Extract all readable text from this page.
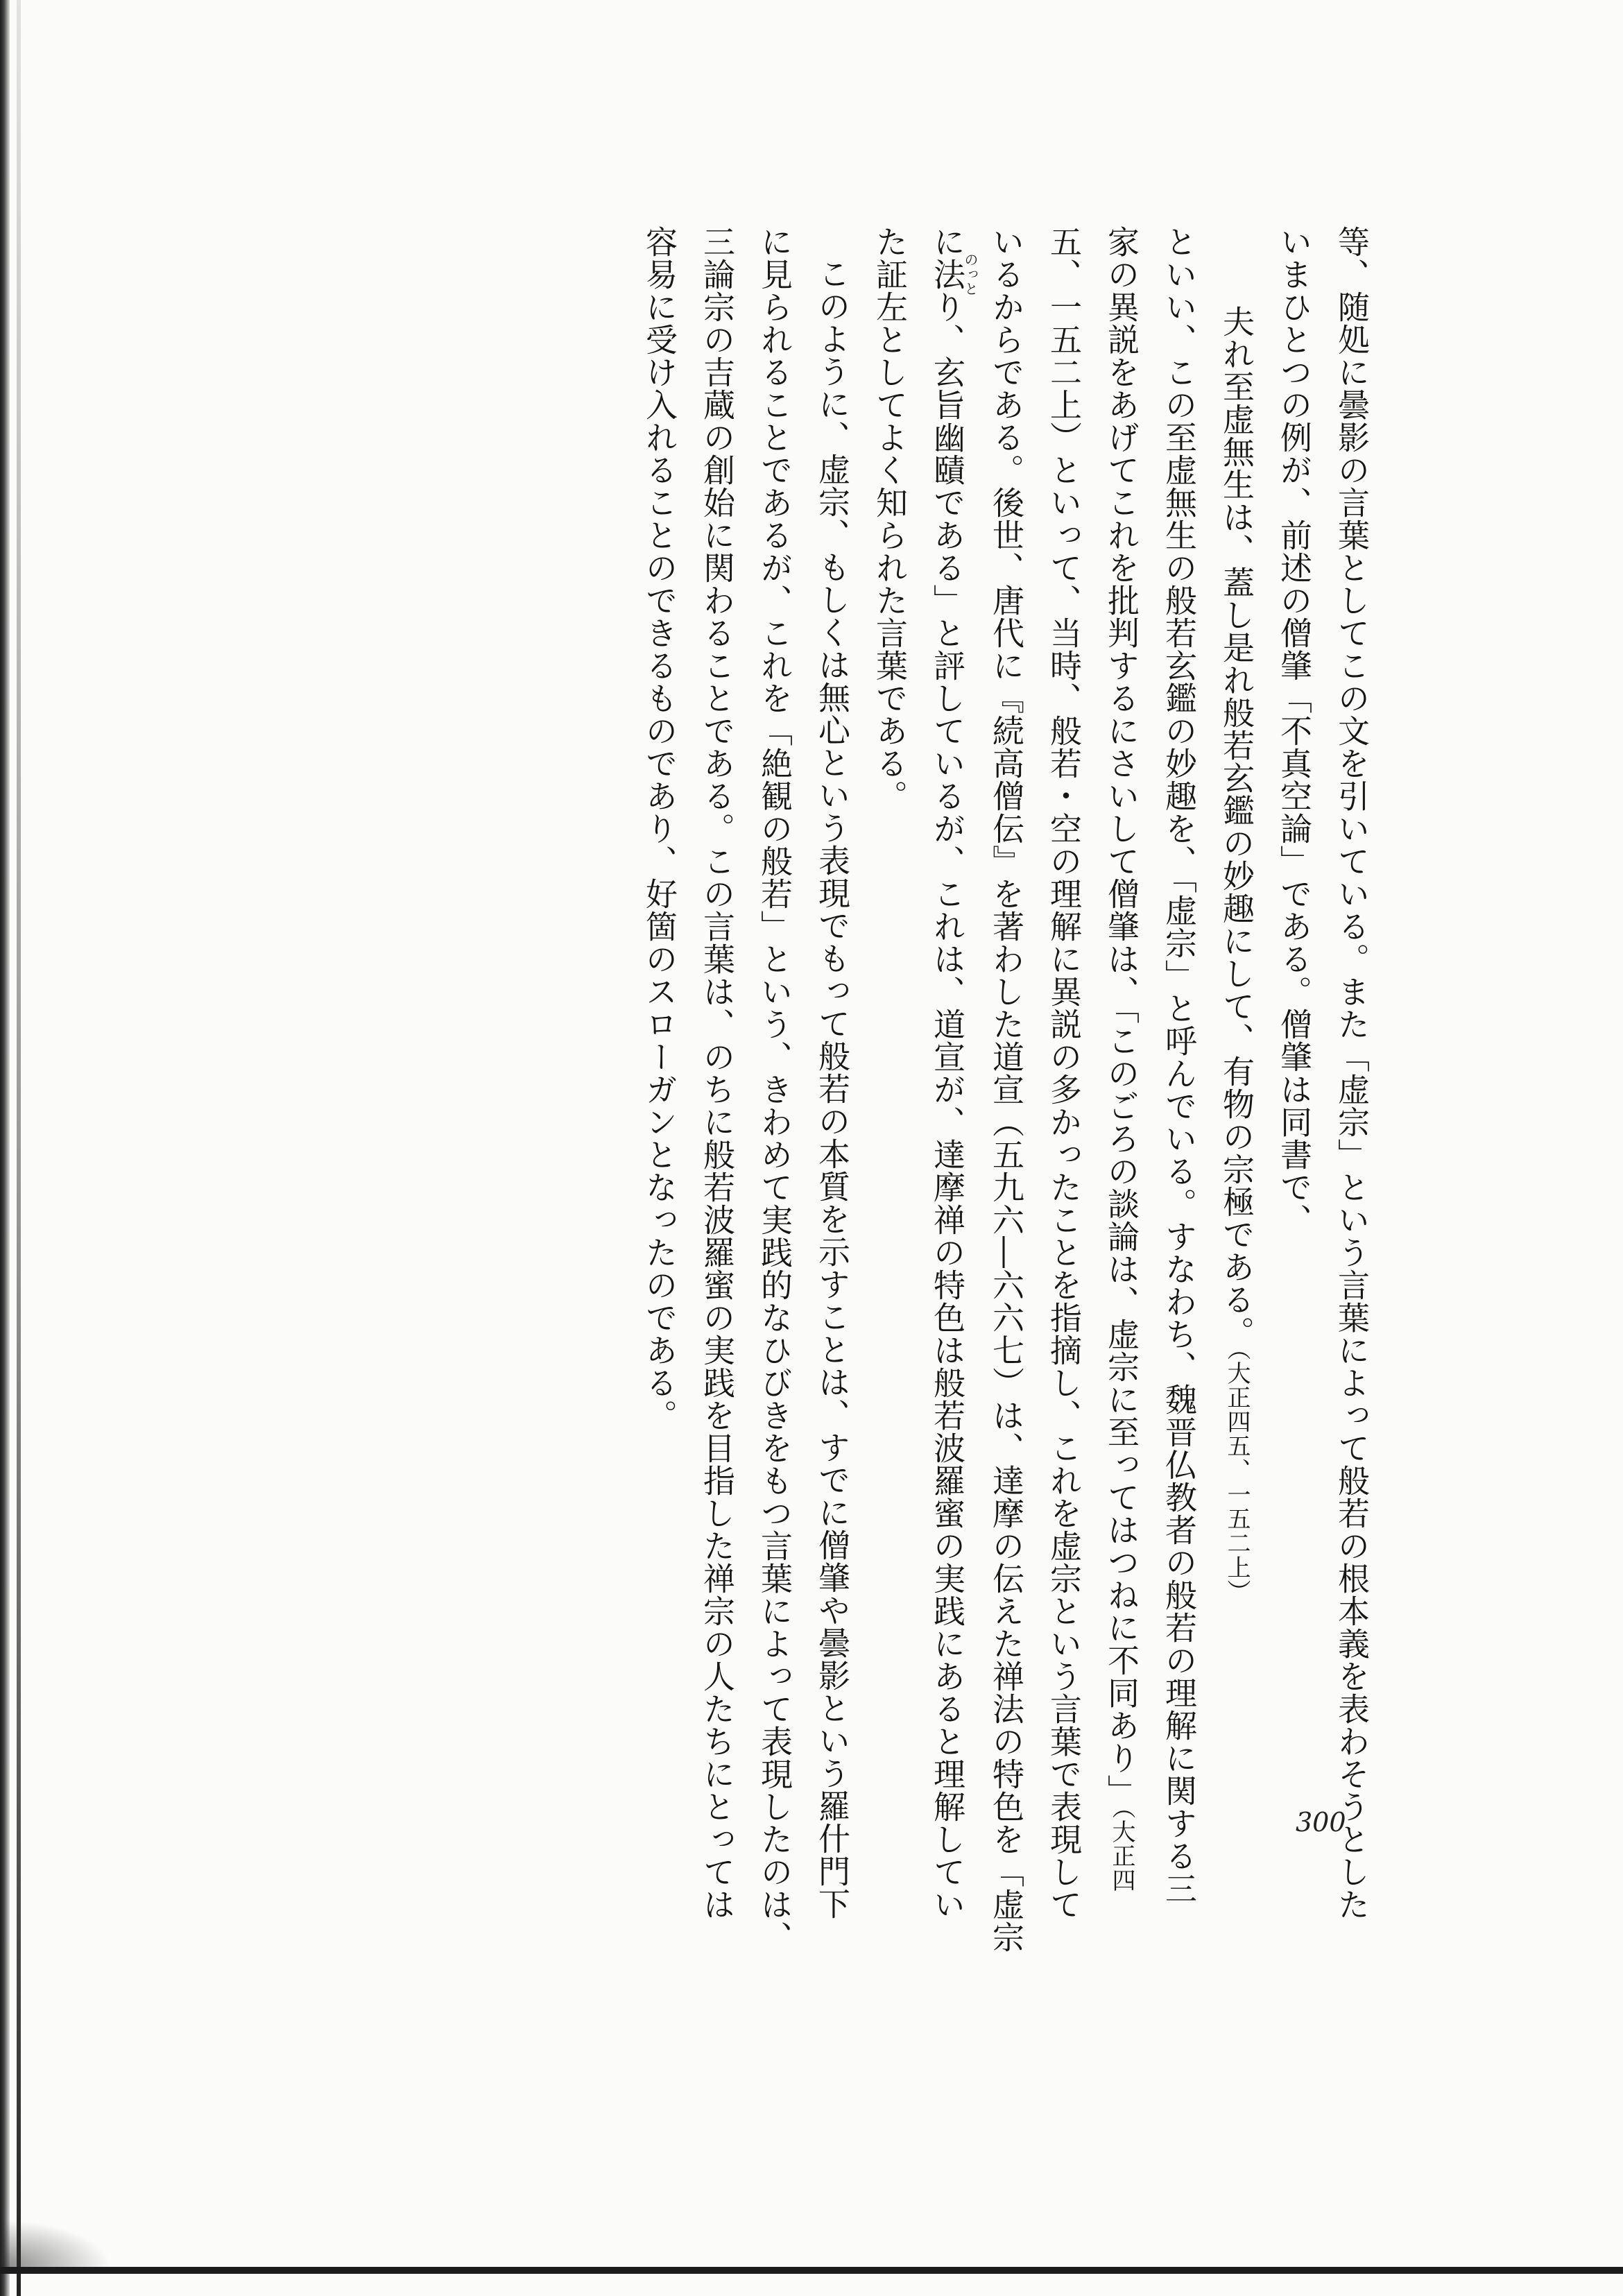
等、随処に曇影の言葉としてこの文を引いている。また「虚宗」という言葉によって般若の根本義を表わそうとした
いまひとつの例が、前述の僧肇「不真空論」である。僧肇は同書で、
夫れ至虚無生は、蓋し是れ般若玄鑑の妙趣にして、有物の宗極である。（大正四五、一五二上）
といい、この至虚無生の般若玄鑑の妙趣を、「虚宗」と呼んでいる。すなわち、魏晋仏教者の般若の理解に関する三
家の異説をあげてこれを批判するにさいして僧肇は、「このごろの談論は、虚宗に至ってはつねに不同あり」（大正四
五、一五二上）といって、当時、般若・空の理解に異説の多かったことを指摘し、これを虚宗という言葉で表現して
いるからである。後世、唐代に『続高僧伝』を著わした道宣（五九六―六六七）は、達摩の伝えた禅法の特色を「虚宗
に法のっとり、玄旨幽賾である」と評しているが、これは、道宣が、達摩禅の特色は般若波羅蜜の実践にあると理解してい
た証左としてよく知られた言葉である。
このように、虚宗、もしくは無心という表現でもって般若の本質を示すことは、すでに僧肇や曇影という羅什門下
に見られることであるが、これを「絶観の般若」という、きわめて実践的なひびきをもつ言葉によって表現したのは、
三論宗の吉蔵の創始に関わることである。この言葉は、のちに般若波羅蜜の実践を目指した禅宗の人たちにとっては
容易に受け入れることのできるものであり、好箇のスローガンとなったのである。
300
